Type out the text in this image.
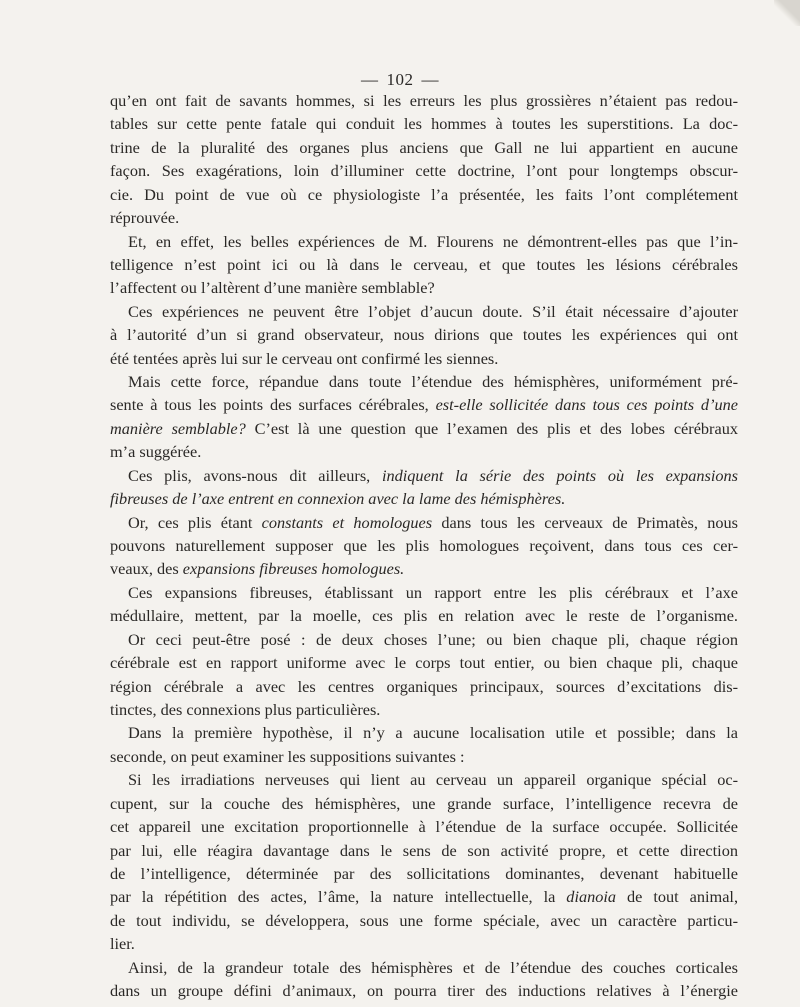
— 102 —
qu’en ont fait de savants hommes, si les erreurs les plus grossières n’étaient pas redou-
tables sur cette pente fatale qui conduit les hommes à toutes les superstitions. La doc-
trine de la pluralité des organes plus anciens que Gall ne lui appartient en aucune
façon. Ses exagérations, loin d’illuminer cette doctrine, l’ont pour longtemps obscur-
cie. Du point de vue où ce physiologiste l’a présentée, les faits l’ont complétement
réprouvée.
Et, en effet, les belles expériences de M. Flourens ne démontrent-elles pas que l’in-
telligence n’est point ici ou là dans le cerveau, et que toutes les lésions cérébrales
l’affectent ou l’altèrent d’une manière semblable?
Ces expériences ne peuvent être l’objet d’aucun doute. S’il était nécessaire d’ajouter
à l’autorité d’un si grand observateur, nous dirions que toutes les expériences qui ont
été tentées après lui sur le cerveau ont confirmé les siennes.
Mais cette force, répandue dans toute l’étendue des hémisphères, uniformément pré-
sente à tous les points des surfaces cérébrales, est-elle sollicitée dans tous ces points d’une
manière semblable? C’est là une question que l’examen des plis et des lobes cérébraux
m’a suggérée.
Ces plis, avons-nous dit ailleurs, indiquent la série des points où les expansions
fibreuses de l’axe entrent en connexion avec la lame des hémisphères.
Or, ces plis étant constants et homologues dans tous les cerveaux de Primatès, nous
pouvons naturellement supposer que les plis homologues reçoivent, dans tous ces cer-
veaux, des expansions fibreuses homologues.
Ces expansions fibreuses, établissant un rapport entre les plis cérébraux et l’axe
médullaire, mettent, par la moelle, ces plis en relation avec le reste de l’organisme.
Or ceci peut-être posé : de deux choses l’une; ou bien chaque pli, chaque région
cérébrale est en rapport uniforme avec le corps tout entier, ou bien chaque pli, chaque
région cérébrale a avec les centres organiques principaux, sources d’excitations dis-
tinctes, des connexions plus particulières.
Dans la première hypothèse, il n’y a aucune localisation utile et possible; dans la
seconde, on peut examiner les suppositions suivantes :
Si les irradiations nerveuses qui lient au cerveau un appareil organique spécial oc-
cupent, sur la couche des hémisphères, une grande surface, l’intelligence recevra de
cet appareil une excitation proportionnelle à l’étendue de la surface occupée. Sollicitée
par lui, elle réagira davantage dans le sens de son activité propre, et cette direction
de l’intelligence, déterminée par des sollicitations dominantes, devenant habituelle
par la répétition des actes, l’âme, la nature intellectuelle, la dianoia de tout animal,
de tout individu, se développera, sous une forme spéciale, avec un caractère particu-
lier.
Ainsi, de la grandeur totale des hémisphères et de l’étendue des couches corticales
dans un groupe défini d’animaux, on pourra tirer des inductions relatives à l’énergie
